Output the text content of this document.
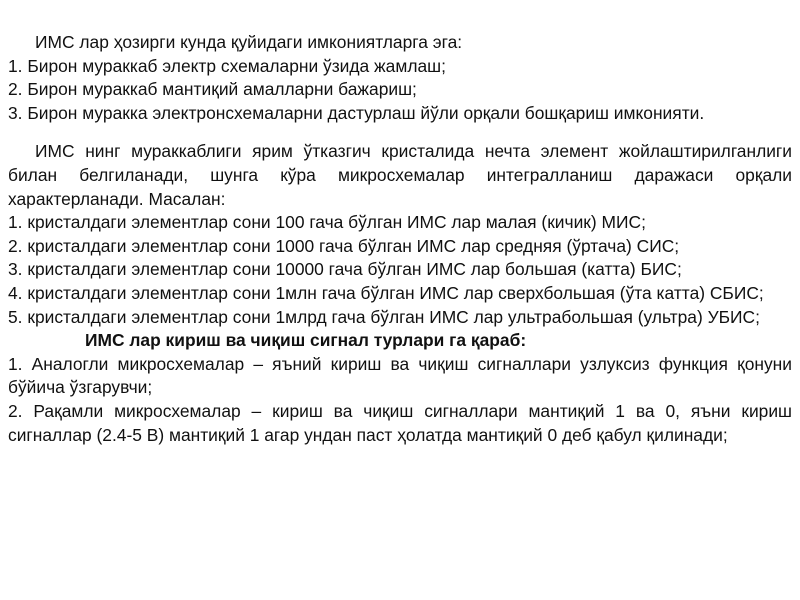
ИМС лар ҳозирги кунда қуйидаги имкониятларга эга:

1. Бирон мураккаб электр схемаларни ўзида жамлаш;

2. Бирон мураккаб мантиқий амалларни бажариш;

3. Бирон муракка электронсхемаларни дастурлаш йўли орқали бошқариш имконияти.

ИМС нинг мураккаблиги ярим ўтказгич кристалида нечта элемент жойлаштирилганлиги билан белгиланади, шунга кўра микросхемалар интегралланиш даражаси орқали характерланади. Масалан:

1. кристалдаги элементлар сони 100 гача бўлган ИМС лар малая (кичик) МИС;

2. кристалдаги элементлар сони 1000 гача бўлган ИМС лар средняя (ўртача) СИС;

3. кристалдаги элементлар сони 10000 гача бўлган ИМС лар большая (катта) БИС;

4. кристалдаги элементлар сони 1млн гача бўлган ИМС лар сверхбольшая (ўта катта) СБИС;

5. кристалдаги элементлар сони 1млрд гача бўлган ИМС лар ультрабольшая (ультра) УБИС;

ИМС лар кириш ва чиқиш сигнал турлари га қараб:

1. Аналогли микросхемалар – яъний кириш ва чиқиш сигналлари узлуксиз функция қонуни бўйича ўзгарувчи;

2. Рақамли микросхемалар – кириш ва чиқиш сигналлари мантиқий 1 ва 0, яъни кириш сигналлар (2.4-5 В) мантиқий 1 агар ундан паст ҳолатда мантиқий 0 деб қабул қилинади;
